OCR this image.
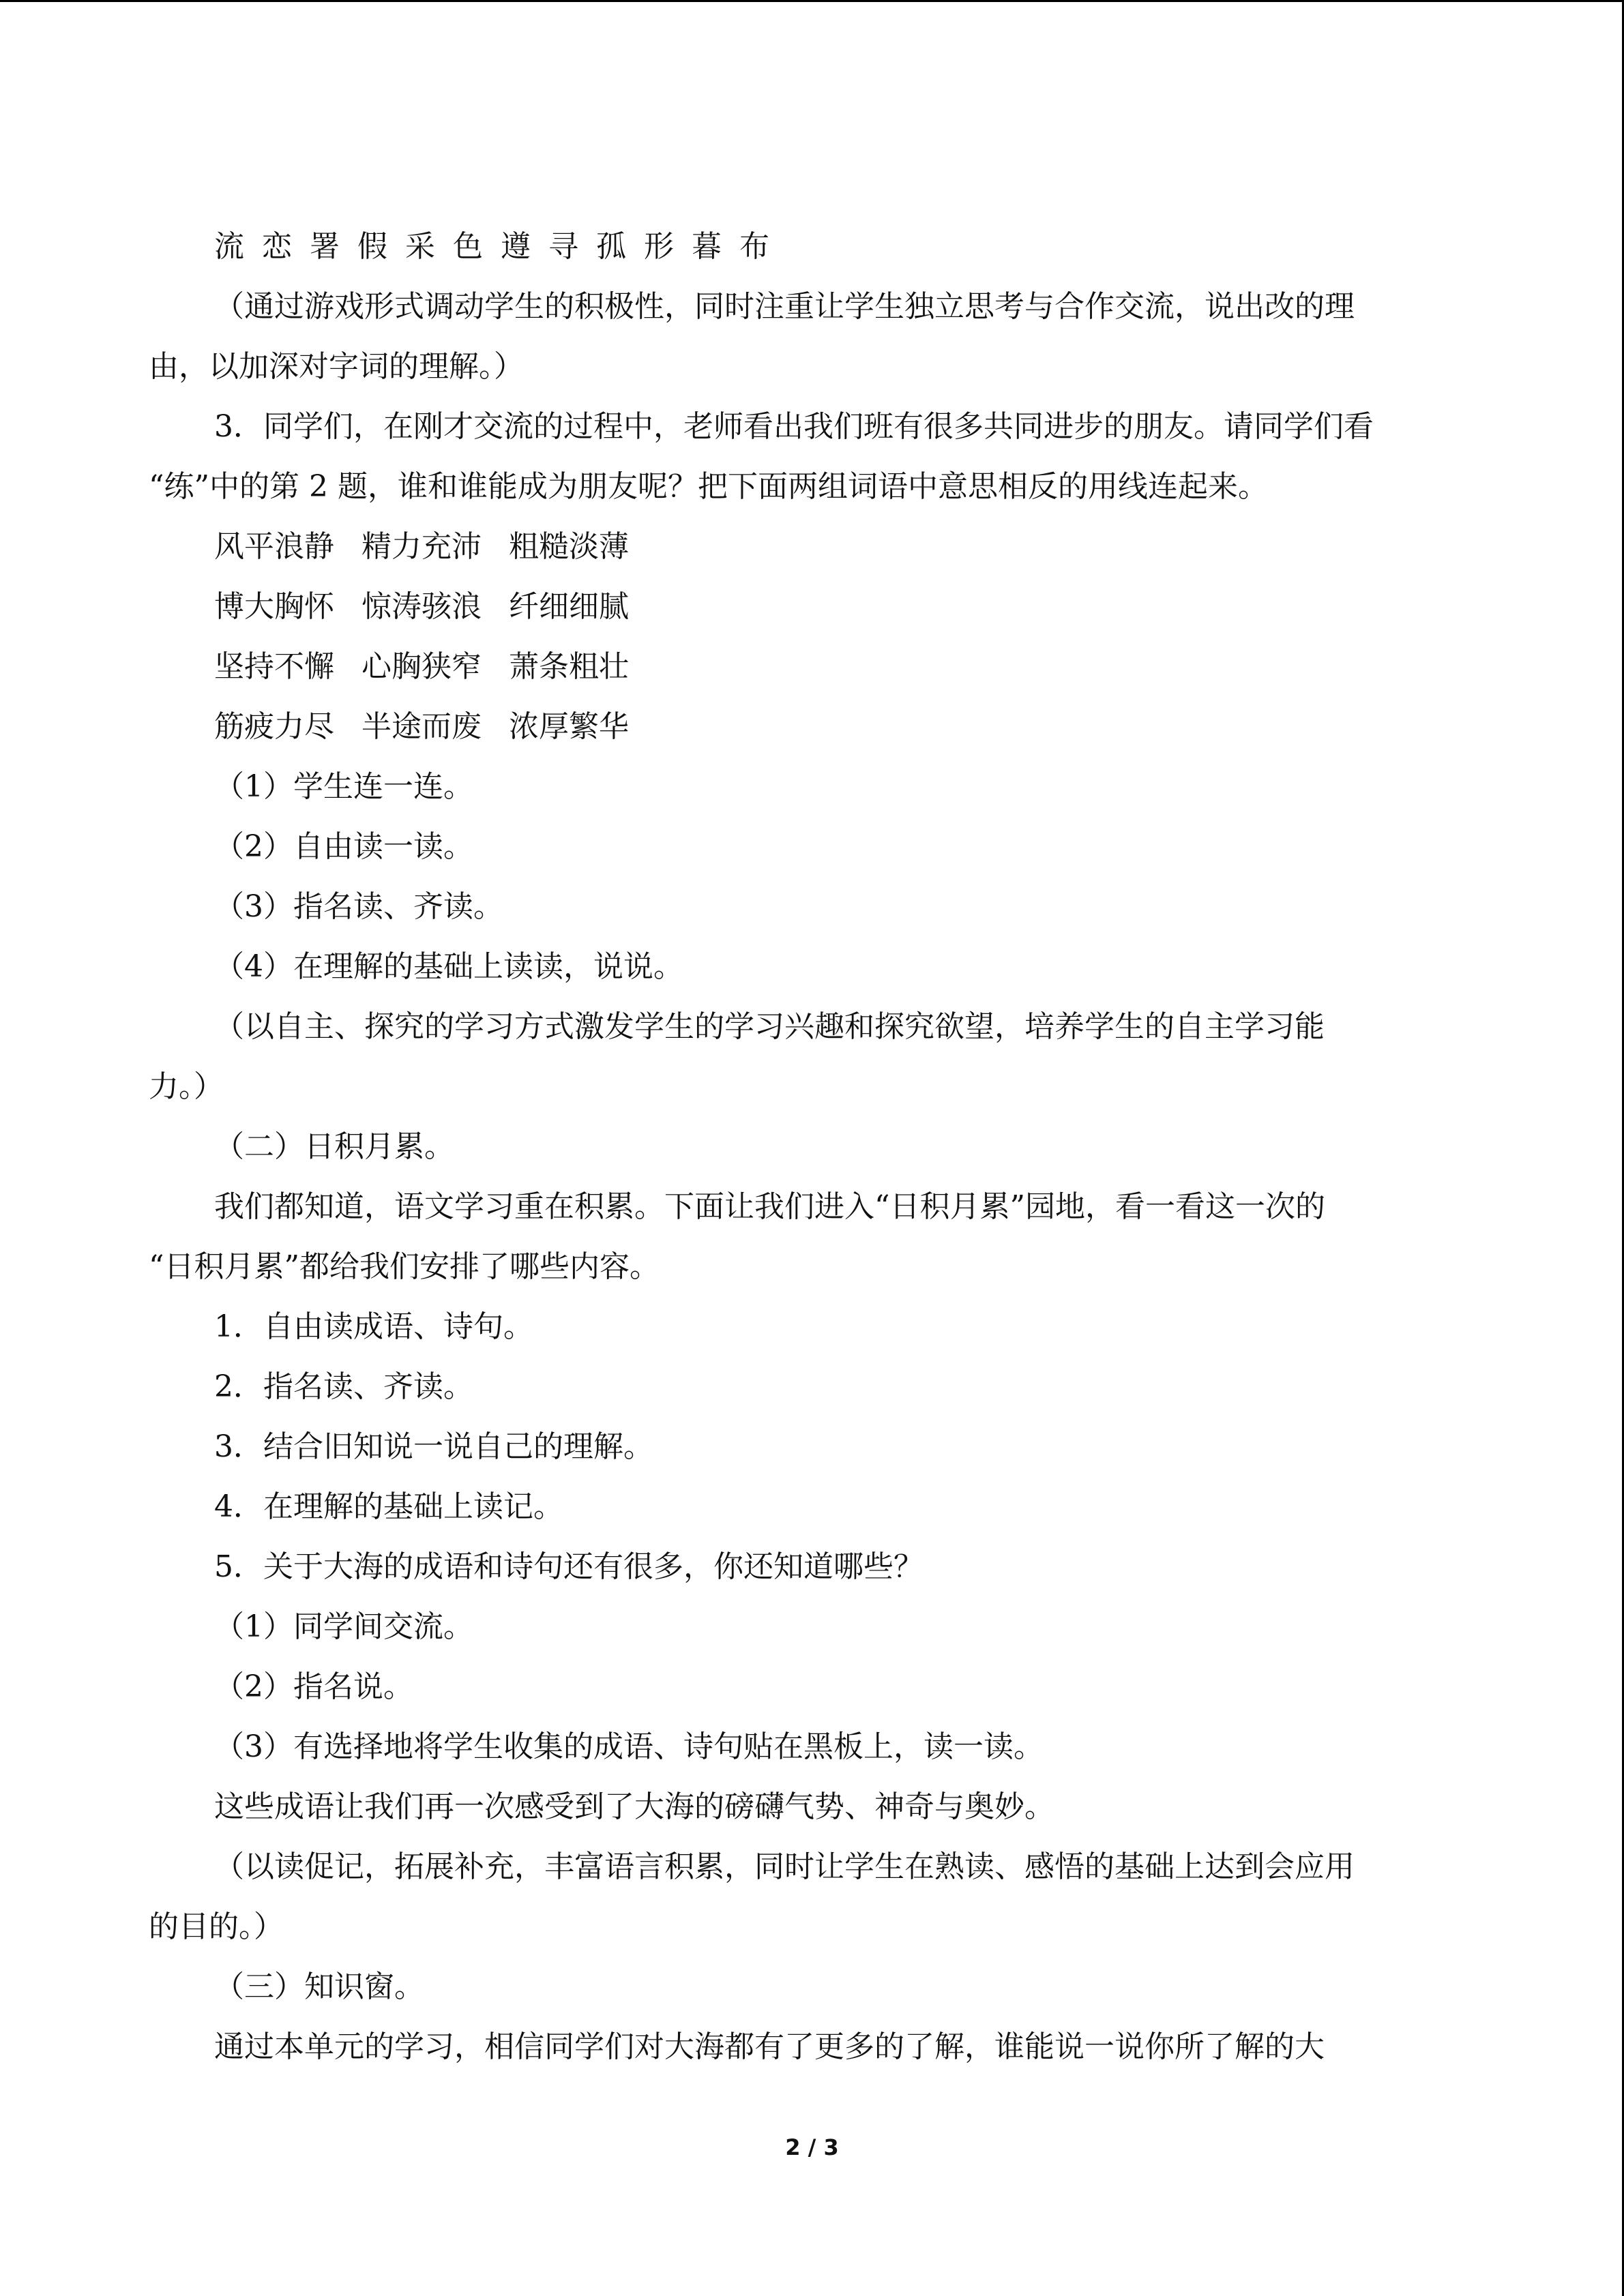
流恋署假采色遵寻孤形暮布
（通过游戏形式调动学生的积极性，同时注重让学生独立思考与合作交流，说出改的理
由，以加深对字词的理解。）
3．同学们，在刚才交流的过程中，老师看出我们班有很多共同进步的朋友。请同学们看
“练”中的第 2 题，谁和谁能成为朋友呢？把下面两组词语中意思相反的用线连起来。
风平浪静 精力充沛 粗糙淡薄
博大胸怀 惊涛骇浪 纤细细腻
坚持不懈 心胸狭窄 萧条粗壮
筋疲力尽 半途而废 浓厚繁华
（1）学生连一连。
（2）自由读一读。
（3）指名读、齐读。
（4）在理解的基础上读读，说说。
（以自主、探究的学习方式激发学生的学习兴趣和探究欲望，培养学生的自主学习能
力。）
（二）日积月累。
我们都知道，语文学习重在积累。下面让我们进入“日积月累”园地，看一看这一次的
“日积月累”都给我们安排了哪些内容。
1．自由读成语、诗句。
2．指名读、齐读。
3．结合旧知说一说自己的理解。
4．在理解的基础上读记。
5．关于大海的成语和诗句还有很多，你还知道哪些？
（1）同学间交流。
（2）指名说。
（3）有选择地将学生收集的成语、诗句贴在黑板上，读一读。
这些成语让我们再一次感受到了大海的磅礴气势、神奇与奥妙。
（以读促记，拓展补充，丰富语言积累，同时让学生在熟读、感悟的基础上达到会应用
的目的。）
（三）知识窗。
通过本单元的学习，相信同学们对大海都有了更多的了解，谁能说一说你所了解的大
2 / 3
